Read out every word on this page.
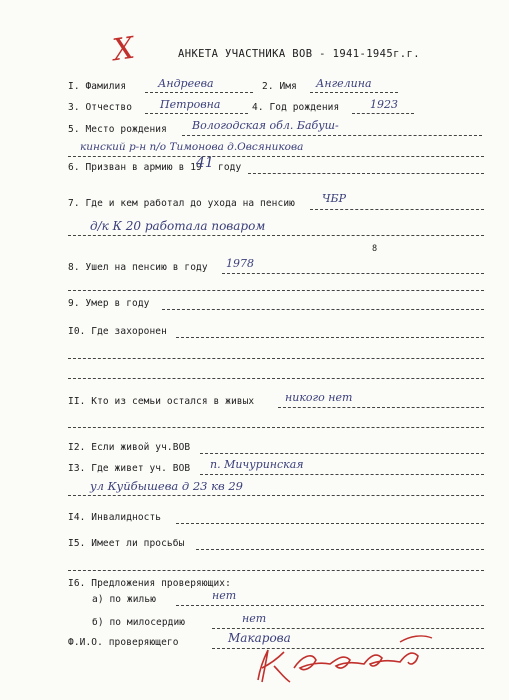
Х	АНКЕТА УЧАСТНИКА ВОВ - 1941-1945г.г.
I. Фамилия	Андреева	2. Имя Ангелина
3. Отчество	Петровна	4. Год рождения	1923
5. Место рождения Вологодская обл. Бабуш-
кинский р-н п/о Тимонова д.Овсяникова
6. Призван в армию в 19
41 году
7. Где и кем работал до ухода на пенсию ЧБР
д/к К 20 работала поваром
8
8. Ушел на пенсию в году 1978
9. Умер в году
I0. Где захоронен
II. Кто из семьи остался в живых	никого нет
I2. Если живой уч.ВОВ
I3. Где живет уч. ВОВ п. Мичуринская
ул Куйбышева д 23 кв 29
I4. Инвалидность
I5. Имеет ли просьбы
I6. Предложения проверяющих:
а) по жилью	нет
б) по милосердию	нет
Ф.И.О. проверяющего	Макарова
